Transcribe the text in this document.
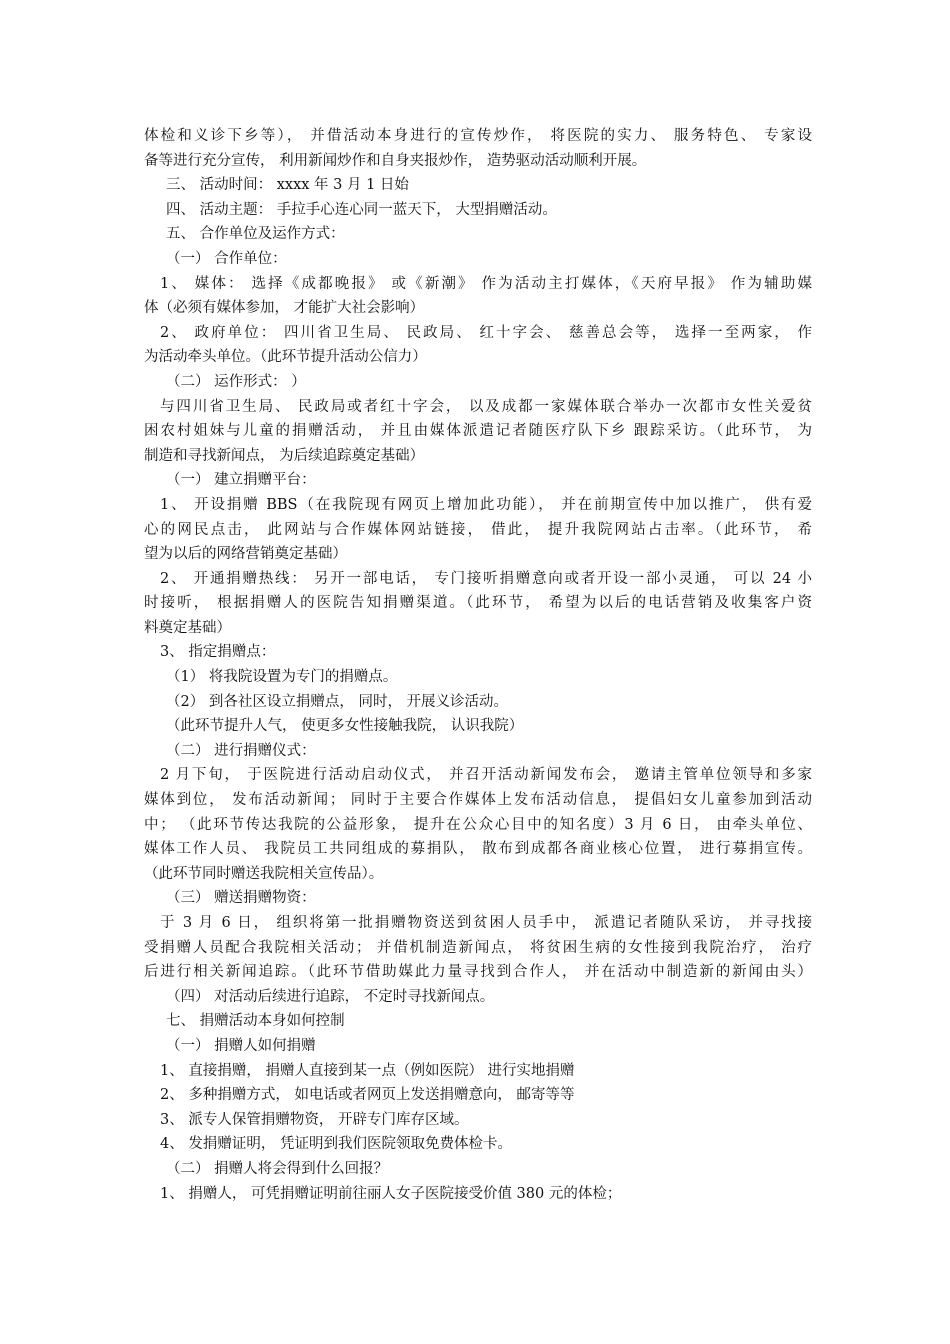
体检和义诊下乡等）， 并借活动本身进行的宣传炒作， 将医院的实力、 服务特色、 专家设
备等进行充分宣传， 利用新闻炒作和自身夹报炒作， 造势驱动活动顺利开展。
三、 活动时间： xxxx 年 3 月 1 日始
四、 活动主题： 手拉手心连心同一蓝天下， 大型捐赠活动。
五、 合作单位及运作方式：
（一） 合作单位：
1、 媒体： 选择《成都晚报》 或《新潮》 作为活动主打媒体，《天府早报》 作为辅助媒
体（必须有媒体参加， 才能扩大社会影响）
2、 政府单位： 四川省卫生局、 民政局、 红十字会、 慈善总会等， 选择一至两家， 作
为活动牵头单位。（此环节提升活动公信力）
（二） 运作形式： ）
与四川省卫生局、 民政局或者红十字会， 以及成都一家媒体联合举办一次都市女性关爱贫
困农村姐妹与儿童的捐赠活动， 并且由媒体派遣记者随医疗队下乡 跟踪采访。（此环节， 为
制造和寻找新闻点， 为后续追踪奠定基础）
（一） 建立捐赠平台：
1、 开设捐赠 BBS（在我院现有网页上增加此功能）， 并在前期宣传中加以推广， 供有爱
心的网民点击， 此网站与合作媒体网站链接， 借此， 提升我院网站占击率。（此环节， 希
望为以后的网络营销奠定基础）
2、 开通捐赠热线： 另开一部电话， 专门接听捐赠意向或者开设一部小灵通， 可以 24 小
时接听， 根据捐赠人的医院告知捐赠渠道。（此环节， 希望为以后的电话营销及收集客户资
料奠定基础）
3、 指定捐赠点：
（1） 将我院设置为专门的捐赠点。
（2） 到各社区设立捐赠点， 同时， 开展义诊活动。
（此环节提升人气， 使更多女性接触我院， 认识我院）
（二） 进行捐赠仪式：
2 月下旬， 于医院进行活动启动仪式， 并召开活动新闻发布会， 邀请主管单位领导和多家
媒体到位， 发布活动新闻； 同时于主要合作媒体上发布活动信息， 提倡妇女儿童参加到活动
中； （此环节传达我院的公益形象， 提升在公众心目中的知名度）3 月 6 日， 由牵头单位、
媒体工作人员、 我院员工共同组成的募捐队， 散布到成都各商业核心位置， 进行募捐宣传。
（此环节同时赠送我院相关宣传品）。
（三） 赠送捐赠物资：
于 3 月 6 日， 组织将第一批捐赠物资送到贫困人员手中， 派遣记者随队采访， 并寻找接
受捐赠人员配合我院相关活动； 并借机制造新闻点， 将贫困生病的女性接到我院治疗， 治疗
后进行相关新闻追踪。（此环节借助媒此力量寻找到合作人， 并在活动中制造新的新闻由头）
（四） 对活动后续进行追踪， 不定时寻找新闻点。
七、 捐赠活动本身如何控制
（一） 捐赠人如何捐赠
1、 直接捐赠， 捐赠人直接到某一点（例如医院） 进行实地捐赠
2、 多种捐赠方式， 如电话或者网页上发送捐赠意向， 邮寄等等
3、 派专人保管捐赠物资， 开辟专门库存区域。
4、 发捐赠证明， 凭证明到我们医院领取免费体检卡。
（二） 捐赠人将会得到什么回报？
1、 捐赠人， 可凭捐赠证明前往丽人女子医院接受价值 380 元的体检；
